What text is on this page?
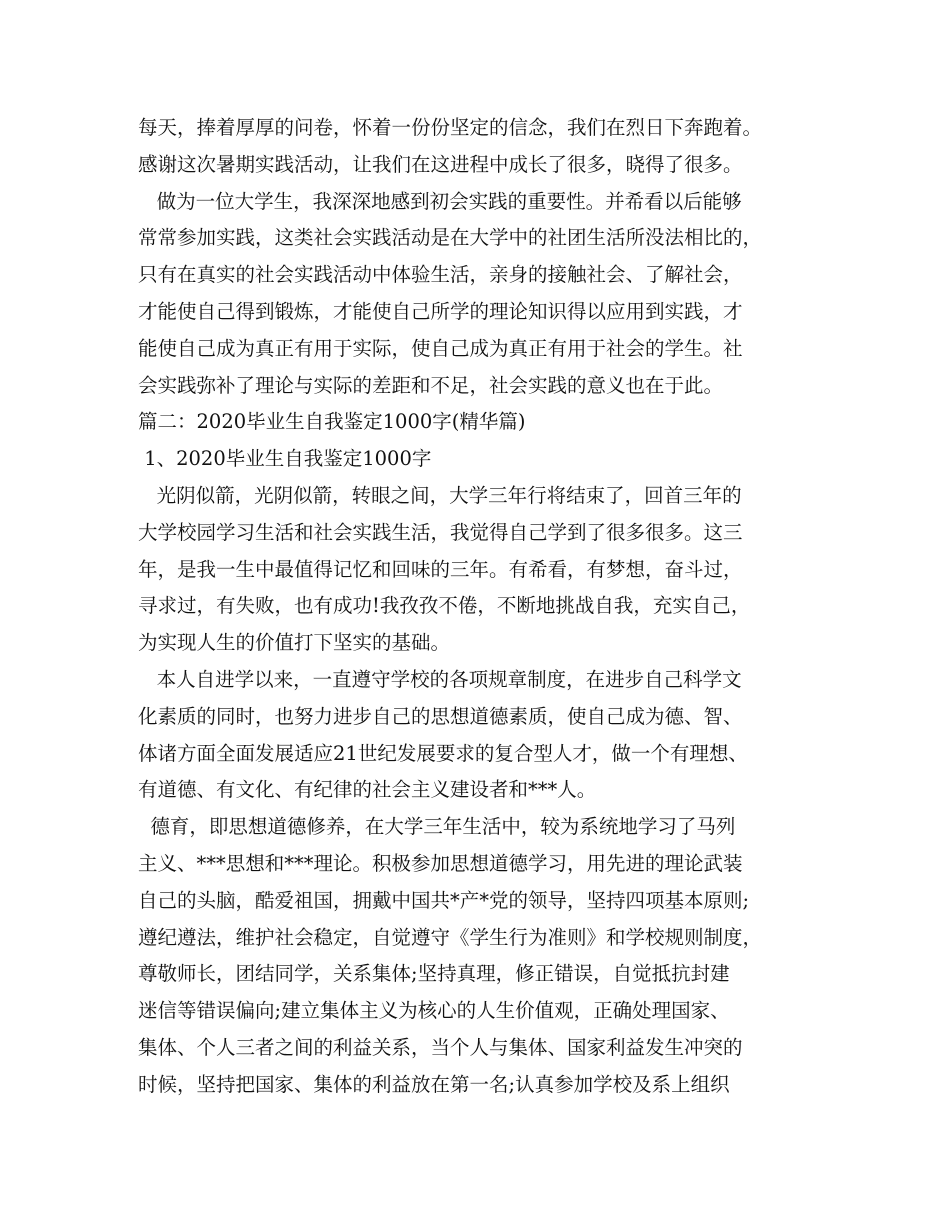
每天，捧着厚厚的问卷，怀着一份份坚定的信念，我们在烈日下奔跑着。
感谢这次暑期实践活动，让我们在这进程中成长了很多，晓得了很多。
做为一位大学生，我深深地感到初会实践的重要性。并希看以后能够
常常参加实践，这类社会实践活动是在大学中的社团生活所没法相比的，
只有在真实的社会实践活动中体验生活，亲身的接触社会、了解社会，
才能使自己得到锻炼，才能使自己所学的理论知识得以应用到实践，才
能使自己成为真正有用于实际，使自己成为真正有用于社会的学生。社
会实践弥补了理论与实际的差距和不足，社会实践的意义也在于此。
篇二：2020毕业生自我鉴定1000字(精华篇)
1、2020毕业生自我鉴定1000字
光阴似箭，光阴似箭，转眼之间，大学三年行将结束了，回首三年的
大学校园学习生活和社会实践生活，我觉得自己学到了很多很多。这三
年，是我一生中最值得记忆和回味的三年。有希看，有梦想，奋斗过，
寻求过，有失败，也有成功!我孜孜不倦，不断地挑战自我，充实自己，
为实现人生的价值打下坚实的基础。
本人自进学以来，一直遵守学校的各项规章制度，在进步自己科学文
化素质的同时，也努力进步自己的思想道德素质，使自己成为德、智、
体诸方面全面发展适应21世纪发展要求的复合型人才，做一个有理想、
有道德、有文化、有纪律的社会主义建设者和***人。
德育，即思想道德修养，在大学三年生活中，较为系统地学习了马列
主义、***思想和***理论。积极参加思想道德学习，用先进的理论武装
自己的头脑，酷爱祖国，拥戴中国共*产*党的领导，坚持四项基本原则;
遵纪遵法，维护社会稳定，自觉遵守《学生行为准则》和学校规则制度，
尊敬师长，团结同学，关系集体;坚持真理，修正错误，自觉抵抗封建
迷信等错误偏向;建立集体主义为核心的人生价值观，正确处理国家、
集体、个人三者之间的利益关系，当个人与集体、国家利益发生冲突的
时候，坚持把国家、集体的利益放在第一名;认真参加学校及系上组织
